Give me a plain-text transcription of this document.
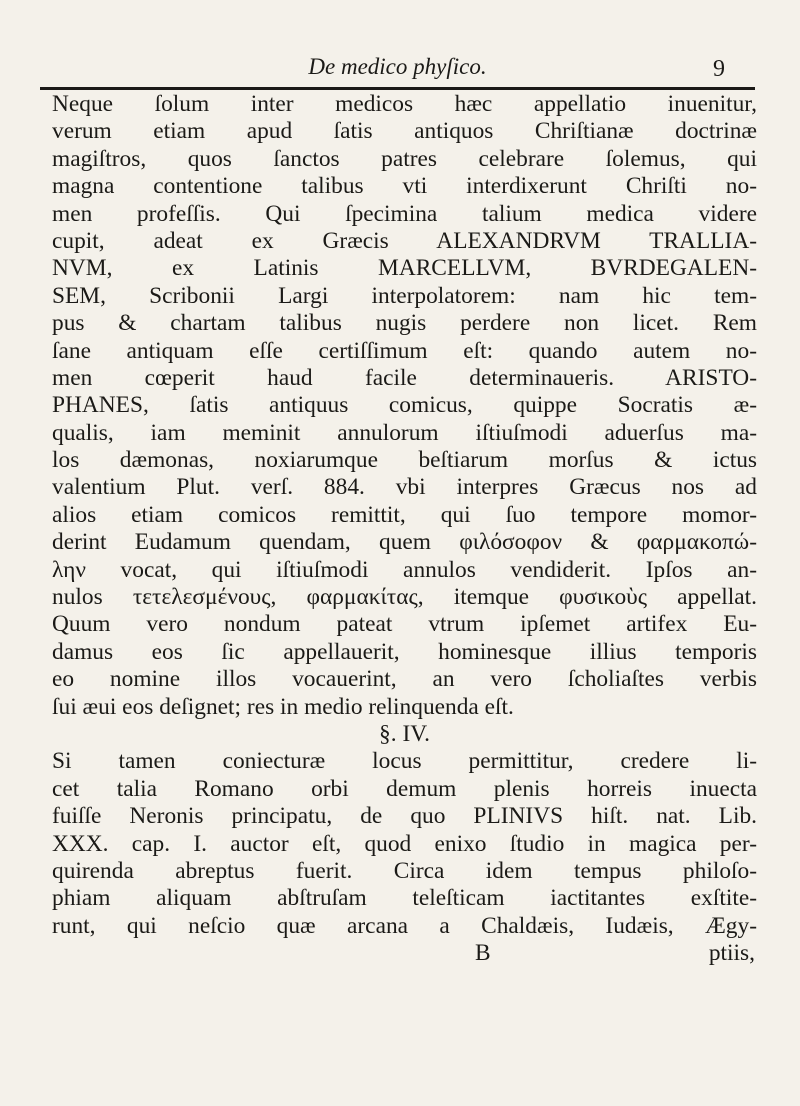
De medico phyſico.	9
Neque ſolum inter medicos hæc appellatio inuenitur,
verum etiam apud ſatis antiquos Chriſtianæ doctrinæ
magiſtros, quos ſanctos patres celebrare ſolemus, qui
magna contentione talibus vti interdixerunt Chriſti no-
men profeſſis. Qui ſpecimina talium medica videre
cupit, adeat ex Græcis ALEXANDRVM TRALLIA-
NVM, ex Latinis MARCELLVM, BVRDEGALEN-
SEM, Scribonii Largi interpolatorem: nam hic tem-
pus & chartam talibus nugis perdere non licet. Rem
ſane antiquam eſſe certiſſimum eſt: quando autem no-
men cœperit haud facile determinaueris. ARISTO-
PHANES, ſatis antiquus comicus, quippe Socratis æ-
qualis, iam meminit annulorum iſtiuſmodi aduerſus ma-
los dæmonas, noxiarumque beſtiarum morſus & ictus
valentium Plut. verſ. 884. vbi interpres Græcus nos ad
alios etiam comicos remittit, qui ſuo tempore momor-
derint Eudamum quendam, quem φιλόσοφον & φαρμακοπώ-
λην vocat, qui iſtiuſmodi annulos vendiderit. Ipſos an-
nulos τετελεσμένους, φαρμακίτας, itemque φυσικοὺς appellat.
Quum vero nondum pateat vtrum ipſemet artifex Eu-
damus eos ſic appellauerit, hominesque illius temporis
eo nomine illos vocauerint, an vero ſcholiaſtes verbis
ſui æui eos deſignet; res in medio relinquenda eſt.
§. IV.
Si tamen coniecturæ locus permittitur, credere li-
cet talia Romano orbi demum plenis horreis inuecta
fuiſſe Neronis principatu, de quo PLINIVS hiſt. nat. Lib.
XXX. cap. I. auctor eſt, quod enixo ſtudio in magica per-
quirenda abreptus fuerit. Circa idem tempus philoſo-
phiam aliquam abſtruſam teleſticam iactitantes exſtite-
runt, qui neſcio quæ arcana a Chaldæis, Iudæis, Ægy-
B	ptiis,
